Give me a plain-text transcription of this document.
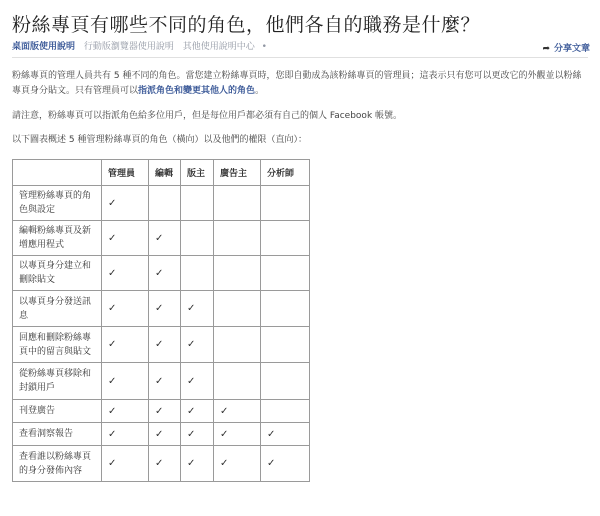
粉絲專頁有哪些不同的角色，他們各自的職務是什麼？
桌面版使用說明 行動版瀏覽器使用說明 其他使用說明中心 •	➦ 分享文章
粉絲專頁的管理人員共有 5 種不同的角色。當您建立粉絲專頁時，您即自動成為該粉絲專頁的管理員；這表示只有您可以更改它的外觀並以粉絲專頁身分貼文。只有管理員可以指派角色和變更其他人的角色。
請注意，粉絲專頁可以指派角色給多位用戶，但是每位用戶都必須有自己的個人 Facebook 帳號。
以下圖表概述 5 種管理粉絲專頁的角色（橫向）以及他們的權限（直向）：
	管理員	編輯	版主	廣告主	分析師
管理粉絲專頁的角色與設定	✓				
編輯粉絲專頁及新增應用程式	✓	✓			
以專頁身分建立和刪除貼文	✓	✓			
以專頁身分發送訊息	✓	✓	✓		
回應和刪除粉絲專頁中的留言與貼文	✓	✓	✓		
從粉絲專頁移除和封鎖用戶	✓	✓	✓		
刊登廣告	✓	✓	✓	✓	
查看洞察報告	✓	✓	✓	✓	✓
查看誰以粉絲專頁的身分發佈內容	✓	✓	✓	✓	✓
